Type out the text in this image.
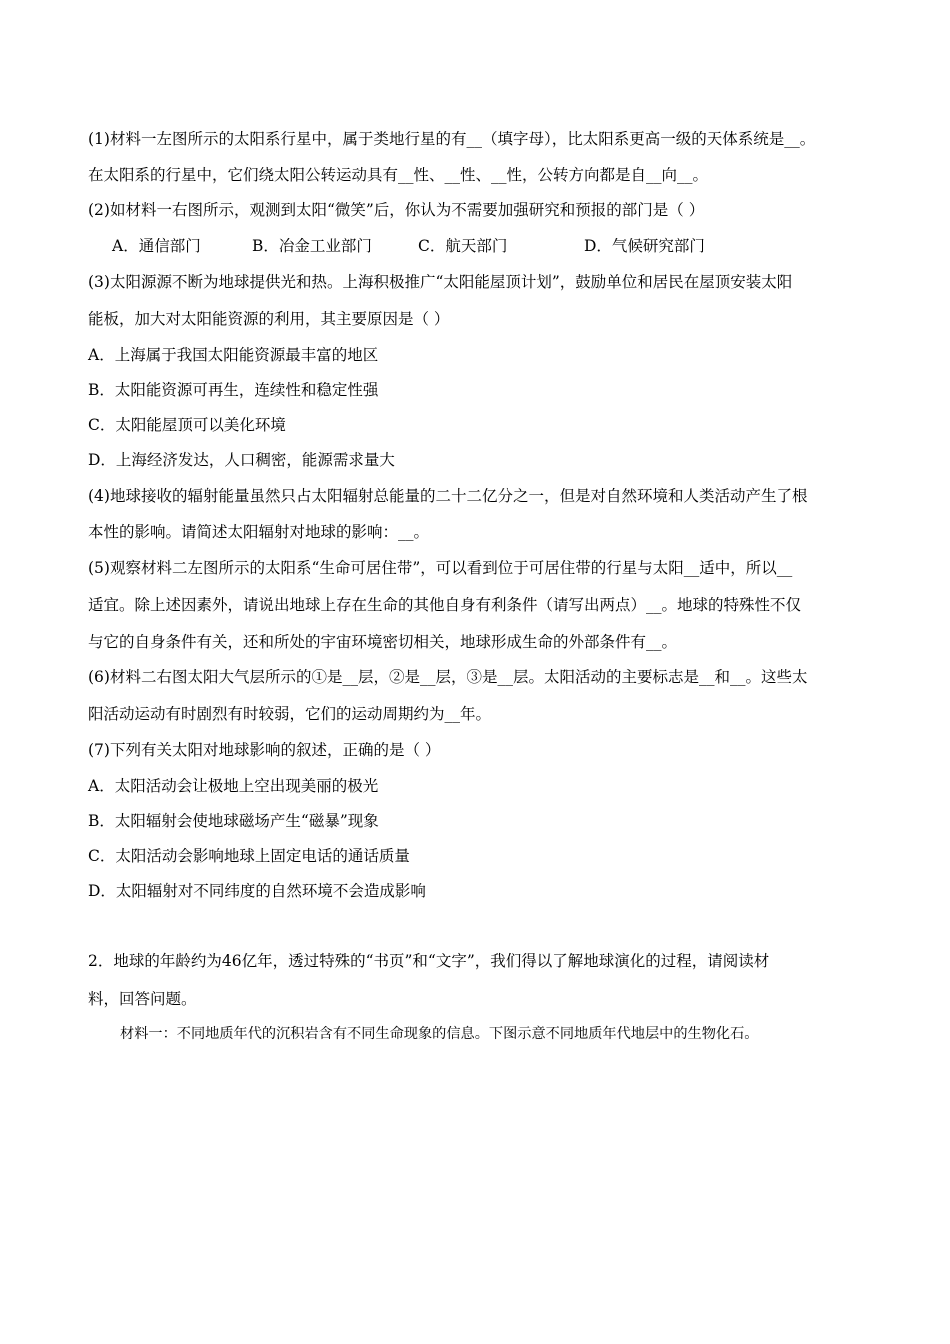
(1)材料一左图所示的太阳系行星中，属于类地行星的有__（填字母），比太阳系更高一级的天体系统是__。
在太阳系的行星中，它们绕太阳公转运动具有__性、__性、__性，公转方向都是自__向__。
(2)如材料一右图所示，观测到太阳“微笑”后，你认为不需要加强研究和预报的部门是（ ）
A．通信部门	B．冶金工业部门	C．航天部门	D．气候研究部门
(3)太阳源源不断为地球提供光和热。上海积极推广“太阳能屋顶计划”，鼓励单位和居民在屋顶安装太阳
能板，加大对太阳能资源的利用，其主要原因是（ ）
A．上海属于我国太阳能资源最丰富的地区
B．太阳能资源可再生，连续性和稳定性强
C．太阳能屋顶可以美化环境
D．上海经济发达，人口稠密，能源需求量大
(4)地球接收的辐射能量虽然只占太阳辐射总能量的二十二亿分之一，但是对自然环境和人类活动产生了根
本性的影响。请简述太阳辐射对地球的影响：__。
(5)观察材料二左图所示的太阳系“生命可居住带”，可以看到位于可居住带的行星与太阳__适中，所以__
适宜。除上述因素外，请说出地球上存在生命的其他自身有利条件（请写出两点）__。地球的特殊性不仅
与它的自身条件有关，还和所处的宇宙环境密切相关，地球形成生命的外部条件有__。
(6)材料二右图太阳大气层所示的①是__层，②是__层，③是__层。太阳活动的主要标志是__和__。这些太
阳活动运动有时剧烈有时较弱，它们的运动周期约为__年。
(7)下列有关太阳对地球影响的叙述，正确的是（ ）
A．太阳活动会让极地上空出现美丽的极光
B．太阳辐射会使地球磁场产生“磁暴”现象
C．太阳活动会影响地球上固定电话的通话质量
D．太阳辐射对不同纬度的自然环境不会造成影响
2．地球的年龄约为46亿年，透过特殊的“书页”和“文字”，我们得以了解地球演化的过程，请阅读材
料，回答问题。
材料一：不同地质年代的沉积岩含有不同生命现象的信息。下图示意不同地质年代地层中的生物化石。
